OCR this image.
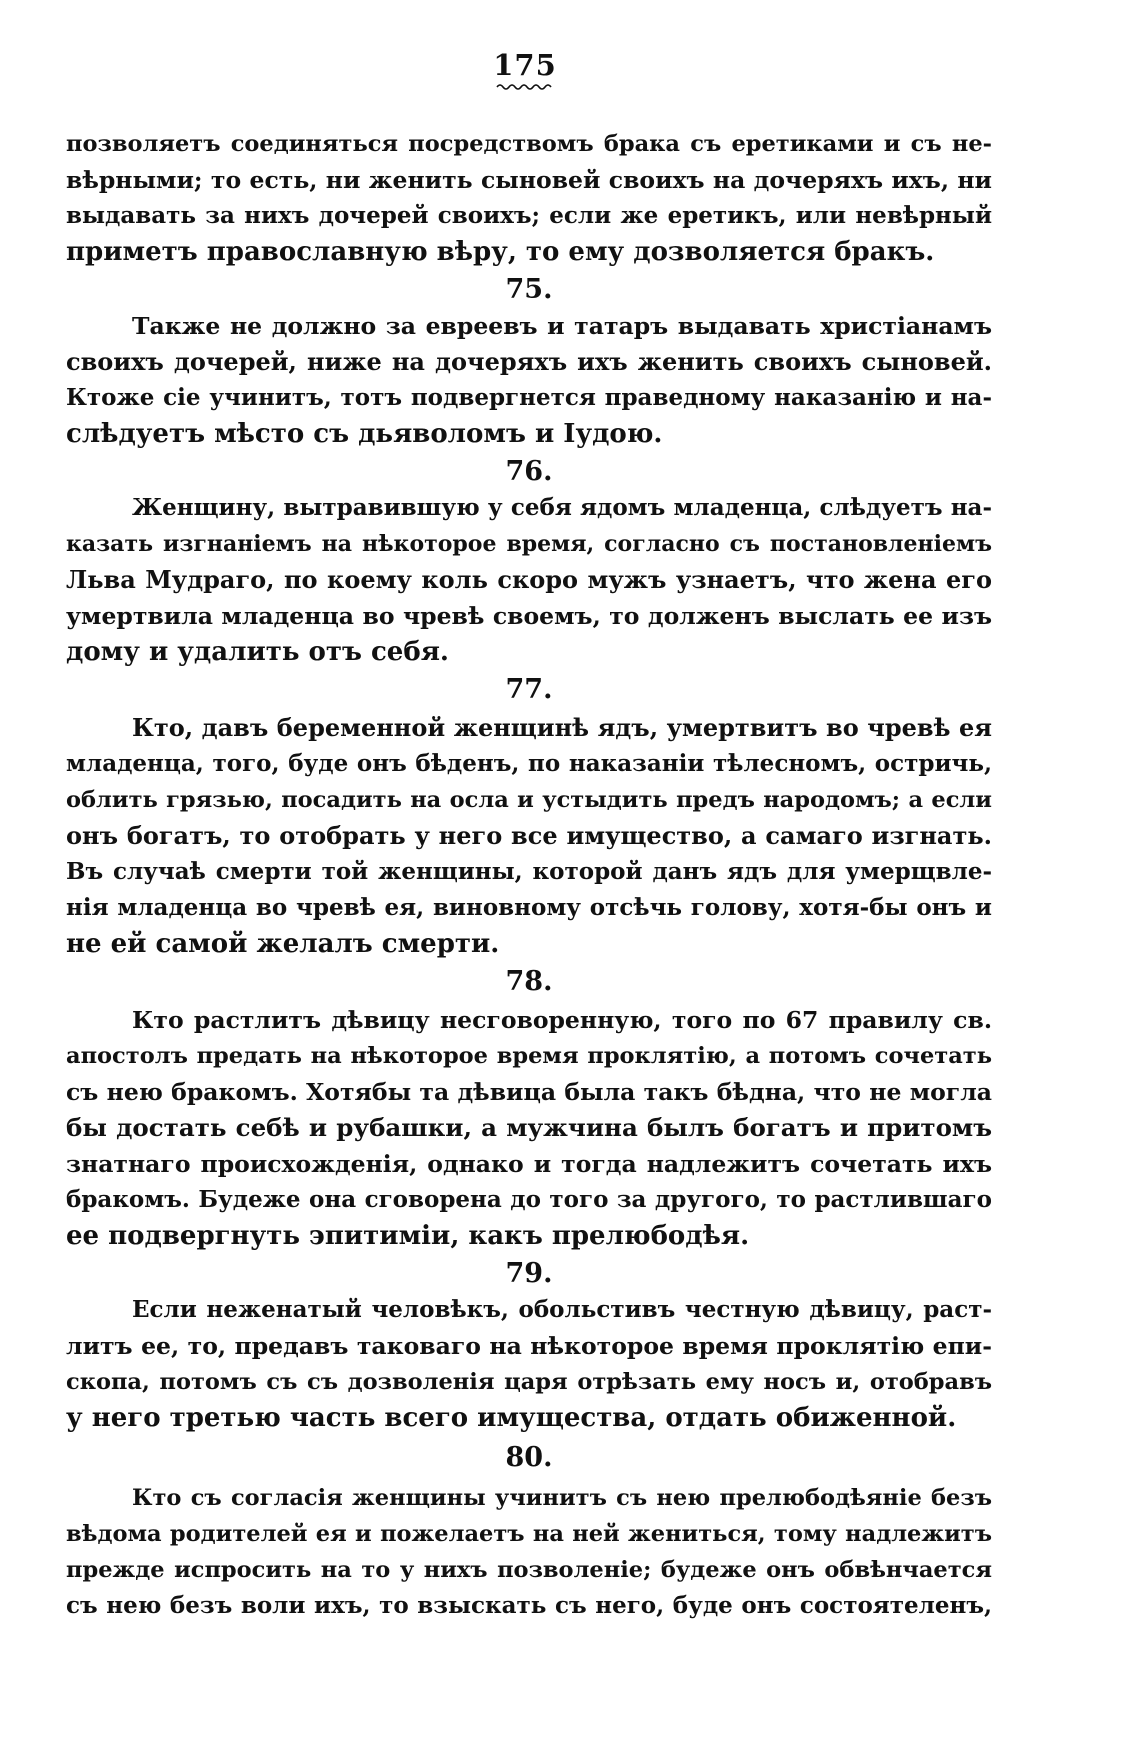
175
позволяетъ соединяться посредствомъ брака съ еретиками и съ не-
вѣрными; то есть, ни женить сыновей своихъ на дочеряхъ ихъ, ни
выдавать за нихъ дочерей своихъ; если же еретикъ, или невѣрный
приметъ православную вѣру, то ему дозволяется бракъ.
75.
Также не должно за евреевъ и татаръ выдавать христіанамъ
своихъ дочерей, ниже на дочеряхъ ихъ женить своихъ сыновей.
Ктоже сіе учинитъ, тотъ подвергнется праведному наказанію и на-
слѣдуетъ мѣсто съ дьяволомъ и Іудою.
76.
Женщину, вытравившую у себя ядомъ младенца, слѣдуетъ на-
казать изгнаніемъ на нѣкоторое время, согласно съ постановленіемъ
Льва Мудраго, по коему коль скоро мужъ узнаетъ, что жена его
умертвила младенца во чревѣ своемъ, то долженъ выслать ее изъ
дому и удалить отъ себя.
77.
Кто, давъ беременной женщинѣ ядъ, умертвитъ во чревѣ ея
младенца, того, буде онъ бѣденъ, по наказаніи тѣлесномъ, остричь,
облить грязью, посадить на осла и устыдить предъ народомъ; а если
онъ богатъ, то отобрать у него все имущество, а самаго изгнать.
Въ случаѣ смерти той женщины, которой данъ ядъ для умерщвле-
нія младенца во чревѣ ея, виновному отсѣчь голову, хотя-бы онъ и
не ей самой желалъ смерти.
78.
Кто растлитъ дѣвицу несговоренную, того по 67 правилу св.
апостолъ предать на нѣкоторое время проклятію, а потомъ сочетать
съ нею бракомъ. Хотябы та дѣвица была такъ бѣдна, что не могла
бы достать себѣ и рубашки, а мужчина былъ богатъ и притомъ
знатнаго происхожденія, однако и тогда надлежитъ сочетать ихъ
бракомъ. Будеже она сговорена до того за другого, то растлившаго
ее подвергнуть эпитиміи, какъ прелюбодѣя.
79.
Если неженатый человѣкъ, обольстивъ честную дѣвицу, раст-
литъ ее, то, предавъ таковаго на нѣкоторое время проклятію епи-
скопа, потомъ съ съ дозволенія царя отрѣзать ему носъ и, отобравъ
у него третью часть всего имущества, отдать обиженной.
80.
Кто съ согласія женщины учинитъ съ нею прелюбодѣяніе безъ
вѣдома родителей ея и пожелаетъ на ней жениться, тому надлежитъ
прежде испросить на то у нихъ позволеніе; будеже онъ обвѣнчается
съ нею безъ воли ихъ, то взыскать съ него, буде онъ состоятеленъ,
